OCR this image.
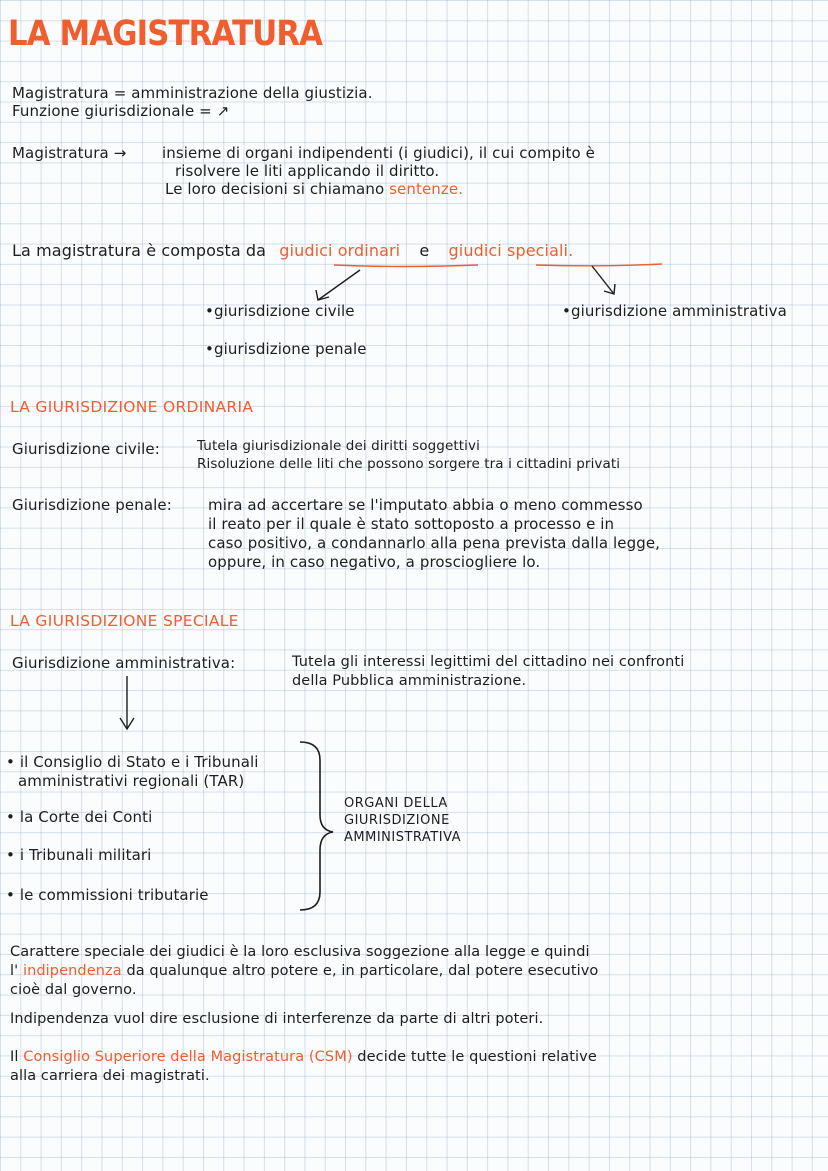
LA MAGISTRATURA
Magistratura = amministrazione della giustizia.
Funzione giurisdizionale = ↗
Magistratura → insieme di organi indipendenti (i giudici), il cui compito è
risolvere le liti applicando il diritto.
Le loro decisioni si chiamano sentenze.
La magistratura è composta da giudici ordinari e giudici speciali.
•giurisdizione civile
•giurisdizione penale
•giurisdizione amministrativa
LA GIURISDIZIONE ORDINARIA
Giurisdizione civile:	Tutela giurisdizionale dei diritti soggettivi
Risoluzione delle liti che possono sorgere tra i cittadini privati
Giurisdizione penale: mira ad accertare se l'imputato abbia o meno commesso
il reato per il quale è stato sottoposto a processo e in
caso positivo, a condannarlo alla pena prevista dalla legge,
oppure, in caso negativo, a prosciogliere lo.
LA GIURISDIZIONE SPECIALE
Giurisdizione amministrativa:	Tutela gli interessi legittimi del cittadino nei confronti
della Pubblica amministrazione.
• il Consiglio di Stato e i Tribunali
amministrativi regionali (TAR)
• la Corte dei Conti
• i Tribunali militari
• le commissioni tributarie
ORGANI DELLA
GIURISDIZIONE
AMMINISTRATIVA
Carattere speciale dei giudici è la loro esclusiva soggezione alla legge e quindi
l' indipendenza da qualunque altro potere e, in particolare, dal potere esecutivo
cioè dal governo.
Indipendenza vuol dire esclusione di interferenze da parte di altri poteri.
Il Consiglio Superiore della Magistratura (CSM) decide tutte le questioni relative
alla carriera dei magistrati.
